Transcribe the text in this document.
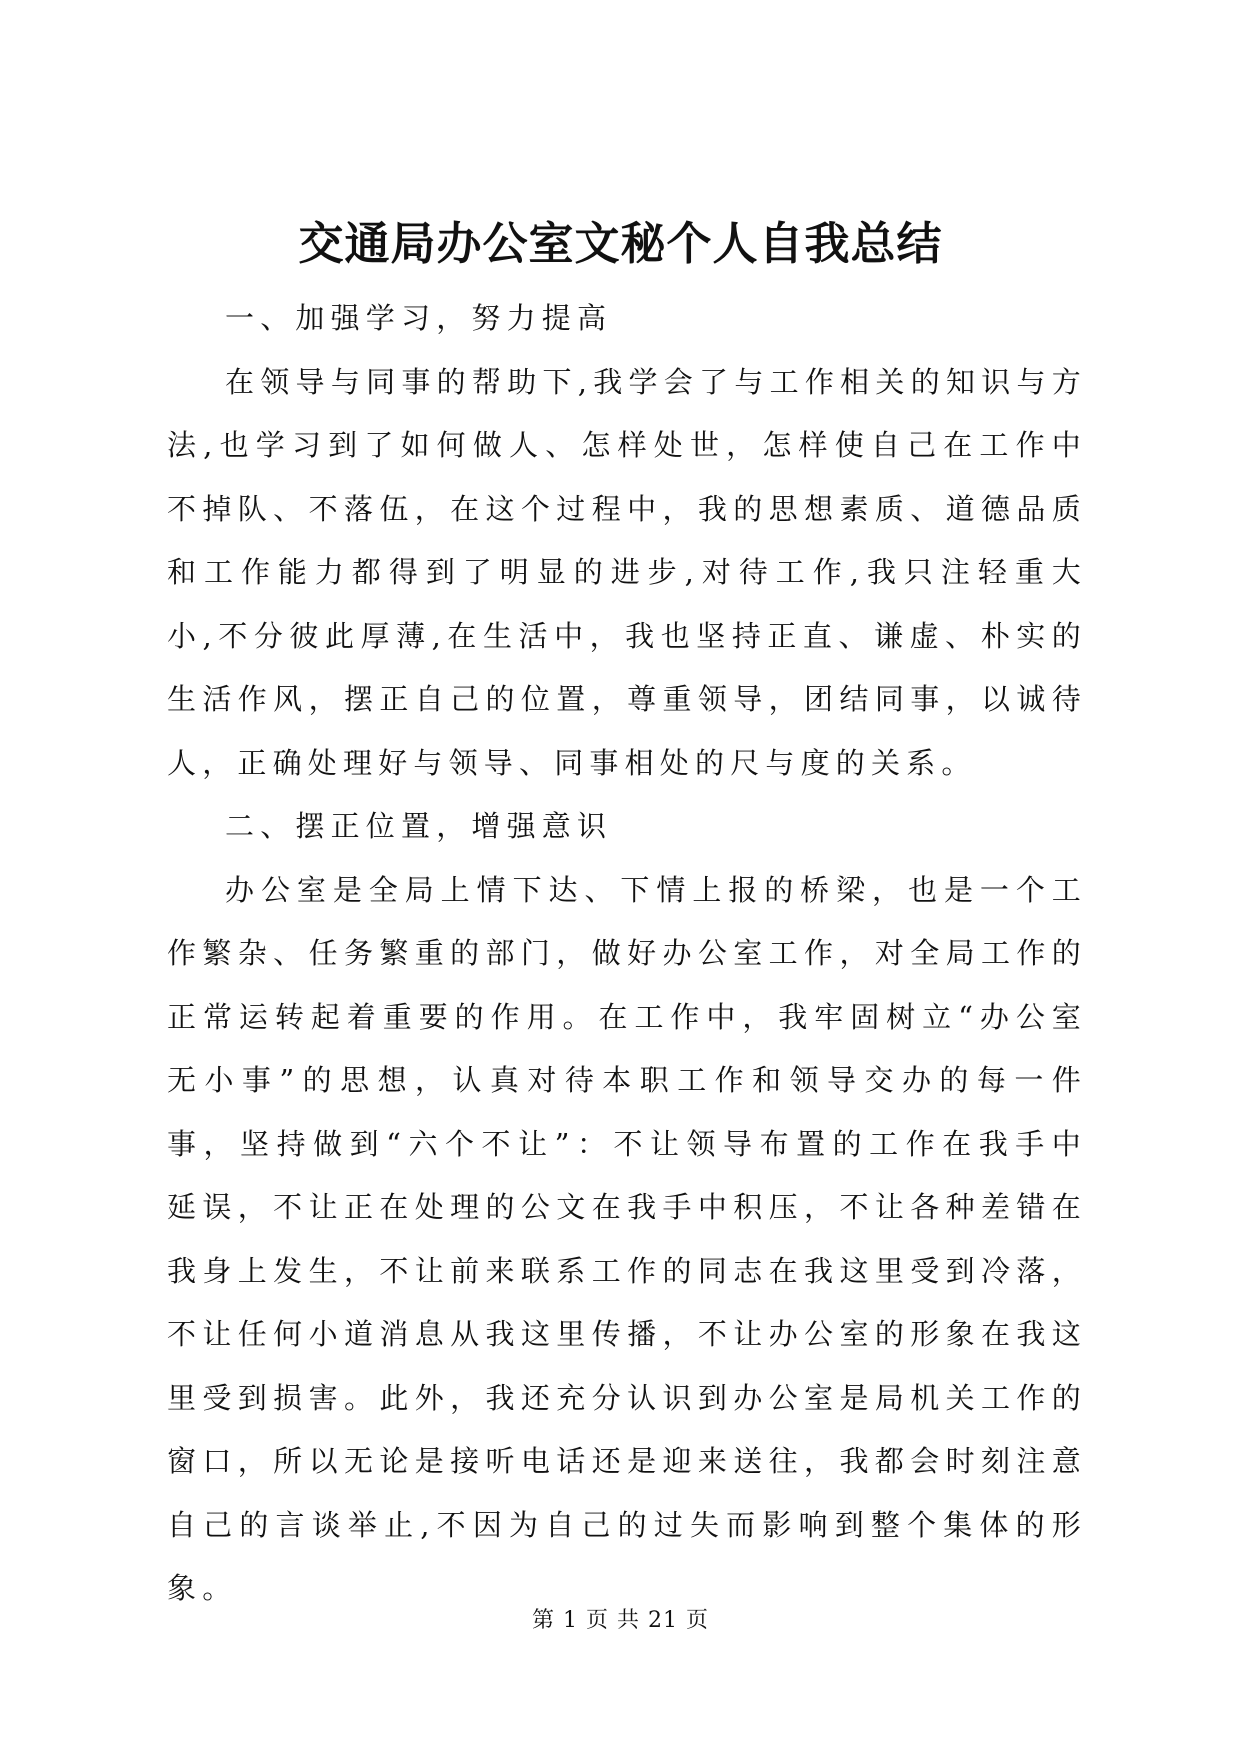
交通局办公室文秘个人自我总结

一、加强学习，努力提高

在领导与同事的帮助下,我学会了与工作相关的知识与方法,也学习到了如何做人、怎样处世，怎样使自己在工作中不掉队、不落伍，在这个过程中，我的思想素质、道德品质和工作能力都得到了明显的进步,对待工作,我只注轻重大小,不分彼此厚薄,在生活中，我也坚持正直、谦虚、朴实的生活作风，摆正自己的位置，尊重领导，团结同事，以诚待人，正确处理好与领导、同事相处的尺与度的关系。

二、摆正位置，增强意识

办公室是全局上情下达、下情上报的桥梁，也是一个工作繁杂、任务繁重的部门，做好办公室工作，对全局工作的正常运转起着重要的作用。在工作中，我牢固树立“办公室无小事”的思想，认真对待本职工作和领导交办的每一件事，坚持做到“六个不让”：不让领导布置的工作在我手中延误，不让正在处理的公文在我手中积压，不让各种差错在我身上发生，不让前来联系工作的同志在我这里受到冷落，不让任何小道消息从我这里传播，不让办公室的形象在我这里受到损害。此外，我还充分认识到办公室是局机关工作的窗口，所以无论是接听电话还是迎来送往，我都会时刻注意自己的言谈举止,不因为自己的过失而影响到整个集体的形象。

第 1 页 共 21 页
